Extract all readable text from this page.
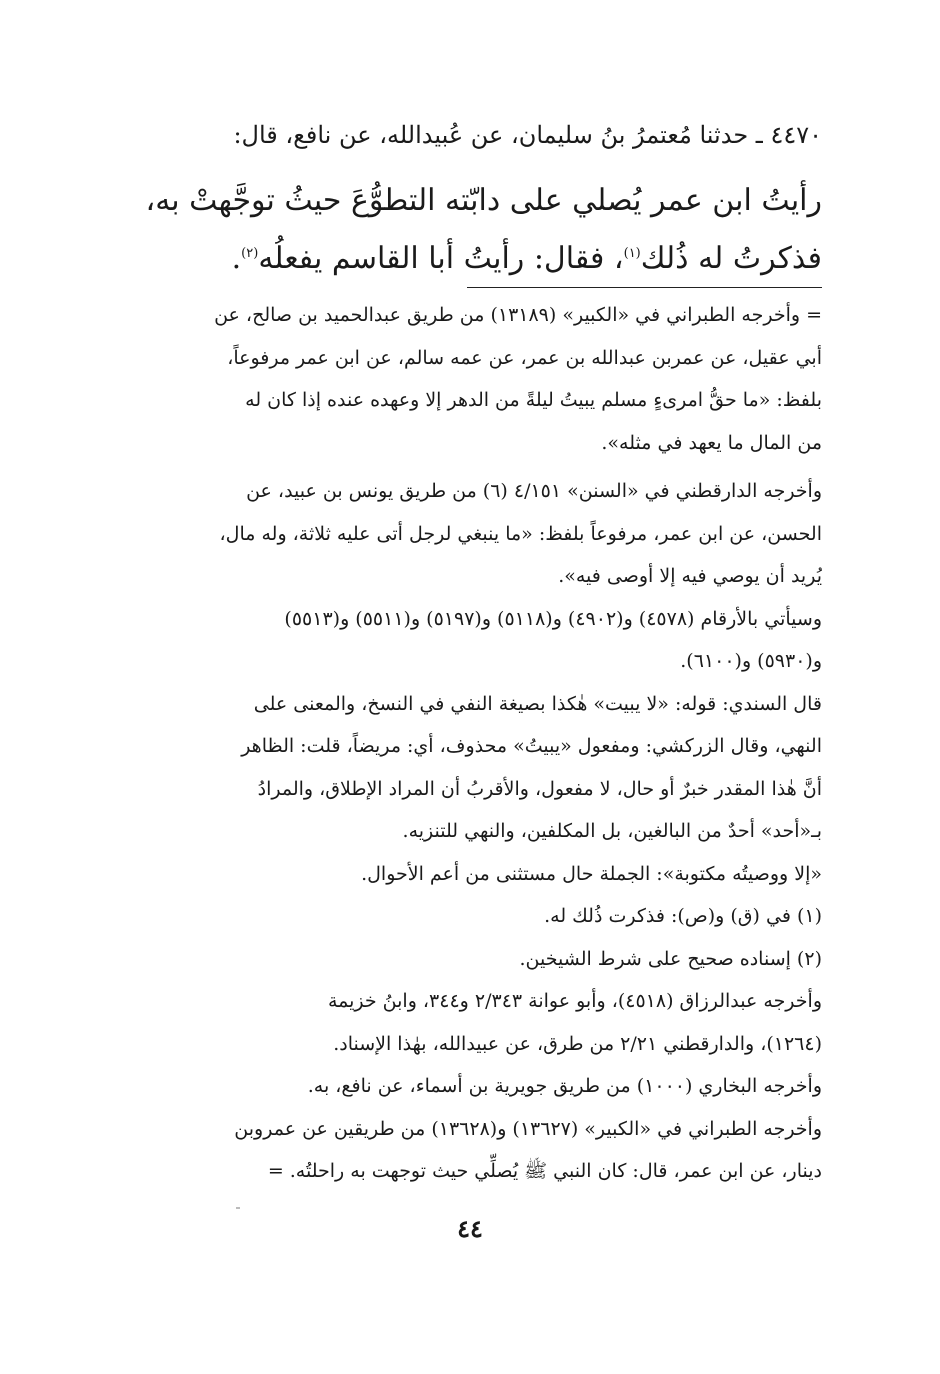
٤٤٧٠ ـ حدثنا مُعتمرُ بنُ سليمان، عن عُبيدالله، عن نافع، قال:
رأيتُ ابن عمر يُصلي على دابّته التطوُّعَ حيثُ توجَّهتْ به،
فذكرتُ له ذُلك$^{(١)}$، فقال: رأيتُ أبا القاسم يفعلُه$^{(٢)}$.

= وأخرجه الطبراني في «الكبير» (١٣١٨٩) من طريق عبدالحميد بن صالح، عن
أبي عقيل، عن عمربن عبدالله بن عمر، عن عمه سالم، عن ابن عمر مرفوعاً،
بلفظ: «ما حقُّ امرىءٍ مسلم يبيتُ ليلةً من الدهر إلا وعهده عنده إذا كان له
من المال ما يعهد في مثله».

وأخرجه الدارقطني في «السنن» ٤/١٥١ (٦) من طريق يونس بن عبيد، عن
الحسن، عن ابن عمر، مرفوعاً بلفظ: «ما ينبغي لرجل أتى عليه ثلاثة، وله مال،
يُريد أن يوصي فيه إلا أوصى فيه».

وسيأتي بالأرقام (٤٥٧٨) و(٤٩٠٢) و(٥١١٨) و(٥١٩٧) و(٥٥١١) و(٥٥١٣)
و(٥٩٣٠) و(٦١٠٠).

قال السندي: قوله: «لا يبيت» هٰكذا بصيغة النفي في النسخ، والمعنى على
النهي، وقال الزركشي: ومفعول «يبيتُ» محذوف، أي: مريضاً، قلت: الظاهر
أنَّ هٰذا المقدر خبرٌ أو حال، لا مفعول، والأقربُ أن المراد الإطلاق، والمرادُ
بـ«أحد» أحدٌ من البالغين، بل المكلفين، والنهي للتنزيه.
«إلا ووصيتُه مكتوبة»: الجملة حال مستثنى من أعم الأحوال.

(١) في (ق) و(ص): فذكرت ذُلك له.
(٢) إسناده صحيح على شرط الشيخين.

وأخرجه عبدالرزاق (٤٥١٨)، وأبو عوانة ٢/٣٤٣ و٣٤٤، وابنُ خزيمة
(١٢٦٤)، والدارقطني ٢/٢١ من طرق، عن عبيدالله، بهٰذا الإسناد.

وأخرجه البخاري (١٠٠٠) من طريق جويرية بن أسماء، عن نافع، به.

وأخرجه الطبراني في «الكبير» (١٣٦٢٧) و(١٣٦٢٨) من طريقين عن عمروبن
دينار، عن ابن عمر، قال: كان النبي ﷺ يُصلِّي حيث توجهت به راحلتُه. =

٤٤
